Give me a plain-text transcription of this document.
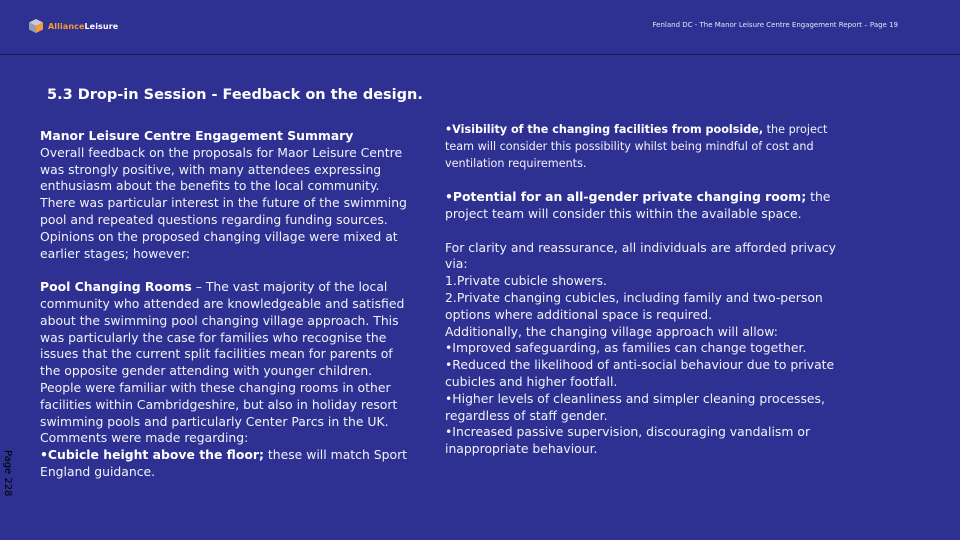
AllianceLeisure	Fenland DC - The Manor Leisure Centre Engagement Report – Page 19
5.3 Drop-in Session - Feedback on the design.

Manor Leisure Centre Engagement Summary

Overall feedback on the proposals for Maor Leisure Centre was strongly positive, with many attendees expressing enthusiasm about the benefits to the local community. There was particular interest in the future of the swimming pool and repeated questions regarding funding sources. Opinions on the proposed changing village were mixed at earlier stages; however:

Pool Changing Rooms – The vast majority of the local community who attended are knowledgeable and satisfied about the swimming pool changing village approach. This was particularly the case for families who recognise the issues that the current split facilities mean for parents of the opposite gender attending with younger children. People were familiar with these changing rooms in other facilities within Cambridgeshire, but also in holiday resort swimming pools and particularly Center Parcs in the UK.

Comments were made regarding:

•Cubicle height above the floor; these will match Sport England guidance.

•Visibility of the changing facilities from poolside, the project team will consider this possibility whilst being mindful of cost and ventilation requirements.

•Potential for an all-gender private changing room; the project team will consider this within the available space.

For clarity and reassurance, all individuals are afforded privacy via:

1.Private cubicle showers.

2.Private changing cubicles, including family and two-person options where additional space is required.

Additionally, the changing village approach will allow:

•Improved safeguarding, as families can change together.

•Reduced the likelihood of anti-social behaviour due to private cubicles and higher footfall.

•Higher levels of cleanliness and simpler cleaning processes, regardless of staff gender.

•Increased passive supervision, discouraging vandalism or inappropriate behaviour.

Page 228
